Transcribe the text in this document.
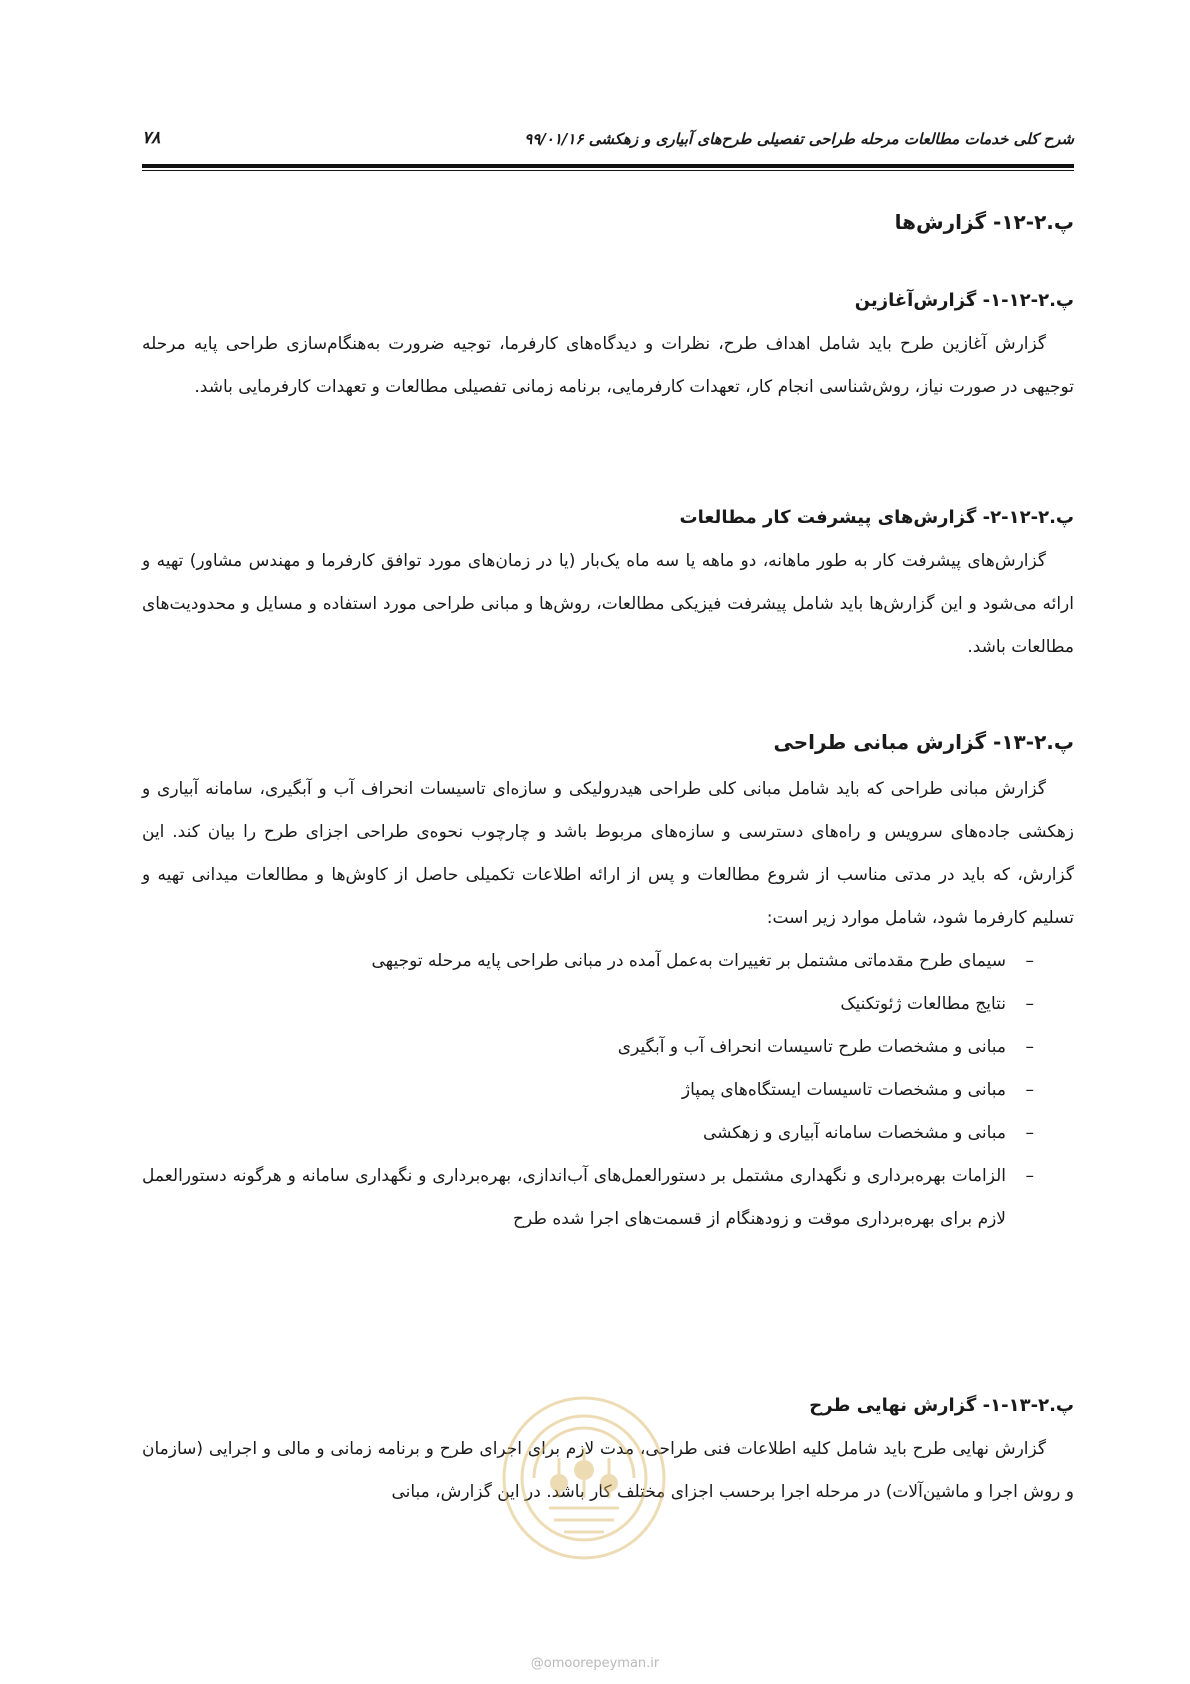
شرح کلی خدمات مطالعات مرحله طراحی تفصیلی طرح‌های آبیاری و زهکشی ۹۹/۰۱/۱۶
۷۸
پ.۲-۱۲- گزارش‌ها
پ.۲-۱۲-۱- گزارش‌آغازین

گزارش آغازین طرح باید شامل اهداف طرح، نظرات و دیدگاه‌های کارفرما، توجیه ضرورت به‌هنگام‌سازی طراحی پایه مرحله توجیهی در صورت نیاز، روش‌شناسی انجام کار، تعهدات کارفرمایی، برنامه زمانی تفصیلی مطالعات و تعهدات کارفرمایی باشد.

پ.۲-۱۲-۲- گزارش‌های پیشرفت کار مطالعات

گزارش‌های پیشرفت کار به طور ماهانه، دو ماهه یا سه ماه یک‌بار (یا در زمان‌های مورد توافق کارفرما و مهندس مشاور) تهیه و ارائه می‌شود و این گزارش‌ها باید شامل پیشرفت فیزیکی مطالعات، روش‌ها و مبانی طراحی مورد استفاده و مسایل و محدودیت‌های مطالعات باشد.

پ.۲-۱۳- گزارش مبانی طراحی

گزارش مبانی طراحی که باید شامل مبانی کلی طراحی هیدرولیکی و سازه‌ای تاسیسات انحراف آب و آبگیری، سامانه آبیاری و زهکشی جاده‌های سرویس و راه‌های دسترسی و سازه‌های مربوط باشد و چارچوب نحوه‌ی طراحی اجزای طرح را بیان کند. این گزارش، که باید در مدتی مناسب از شروع مطالعات و پس از ارائه اطلاعات تکمیلی حاصل از کاوش‌ها و مطالعات میدانی تهیه و تسلیم کارفرما شود، شامل موارد زیر است:

–
سیمای طرح مقدماتی مشتمل بر تغییرات به‌عمل آمده در مبانی طراحی پایه مرحله توجیهی
–
نتایج مطالعات ژئوتکنیک
–
مبانی و مشخصات طرح تاسیسات انحراف آب و آبگیری
–
مبانی و مشخصات تاسیسات ایستگاه‌های پمپاژ
–
مبانی و مشخصات سامانه آبیاری و زهکشی
–
الزامات بهره‌برداری و نگهداری مشتمل بر دستورالعمل‌های آب‌اندازی، بهره‌برداری و نگهداری سامانه و هرگونه دستورالعمل لازم برای بهره‌برداری موقت و زودهنگام از قسمت‌های اجرا شده طرح
پ.۲-۱۳-۱- گزارش نهایی طرح

گزارش نهایی طرح باید شامل کلیه اطلاعات فنی طراحی، مدت لازم برای اجرای طرح و برنامه زمانی و مالی و اجرایی (سازمان و روش اجرا و ماشین‌آلات) در مرحله اجرا برحسب اجزای مختلف کار باشد. در این گزارش، مبانی

@omoorepeyman.ir
